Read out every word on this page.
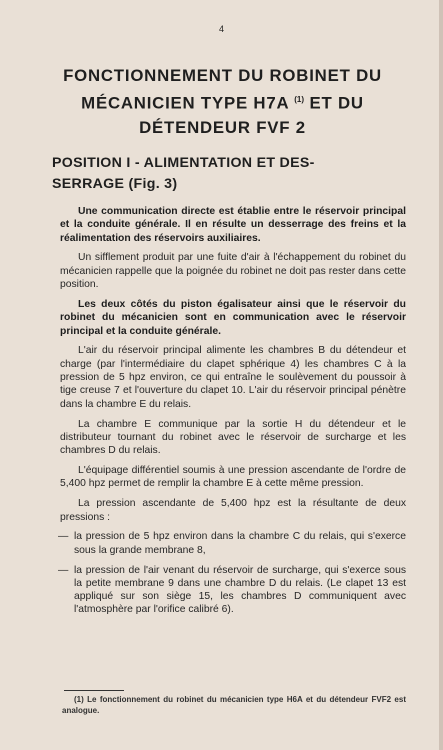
4
FONCTIONNEMENT DU ROBINET DU
MÉCANICIEN TYPE H7A $^{(1)}$ ET DU
DÉTENDEUR FVF 2
POSITION I - ALIMENTATION ET DES-
SERRAGE (Fig. 3)

Une communication directe est établie entre le réservoir principal et la conduite générale. Il en résulte un desserrage des freins et la réalimentation des réservoirs auxiliaires.

Un sifflement produit par une fuite d'air à l'échappement du robinet du mécanicien rappelle que la poignée du robinet ne doit pas rester dans cette position.

Les deux côtés du piston égalisateur ainsi que le réservoir du robinet du mécanicien sont en communication avec le réservoir principal et la conduite générale.

L'air du réservoir principal alimente les chambres B du détendeur et charge (par l'intermédiaire du clapet sphérique 4) les chambres C à la pression de 5 hpz environ, ce qui entraîne le soulèvement du poussoir à tige creuse 7 et l'ouverture du clapet 10. L'air du réservoir principal pénètre dans la chambre E du relais.

La chambre E communique par la sortie H du détendeur et le distributeur tournant du robinet avec le réservoir de surcharge et les chambres D du relais.

L'équipage différentiel soumis à une pression ascendante de l'ordre de 5,400 hpz permet de remplir la chambre E à cette même pression.

La pression ascendante de 5,400 hpz est la résultante de deux pressions :

— la pression de 5 hpz environ dans la chambre C du relais, qui s'exerce sous la grande membrane 8,
— la pression de l'air venant du réservoir de surcharge, qui s'exerce sous la petite membrane 9 dans une chambre D du relais. (Le clapet 13 est appliqué sur son siège 15, les chambres D communiquent avec l'atmosphère par l'orifice calibré 6).
(1) Le fonctionnement du robinet du mécanicien type H6A et du détendeur FVF2 est analogue.
